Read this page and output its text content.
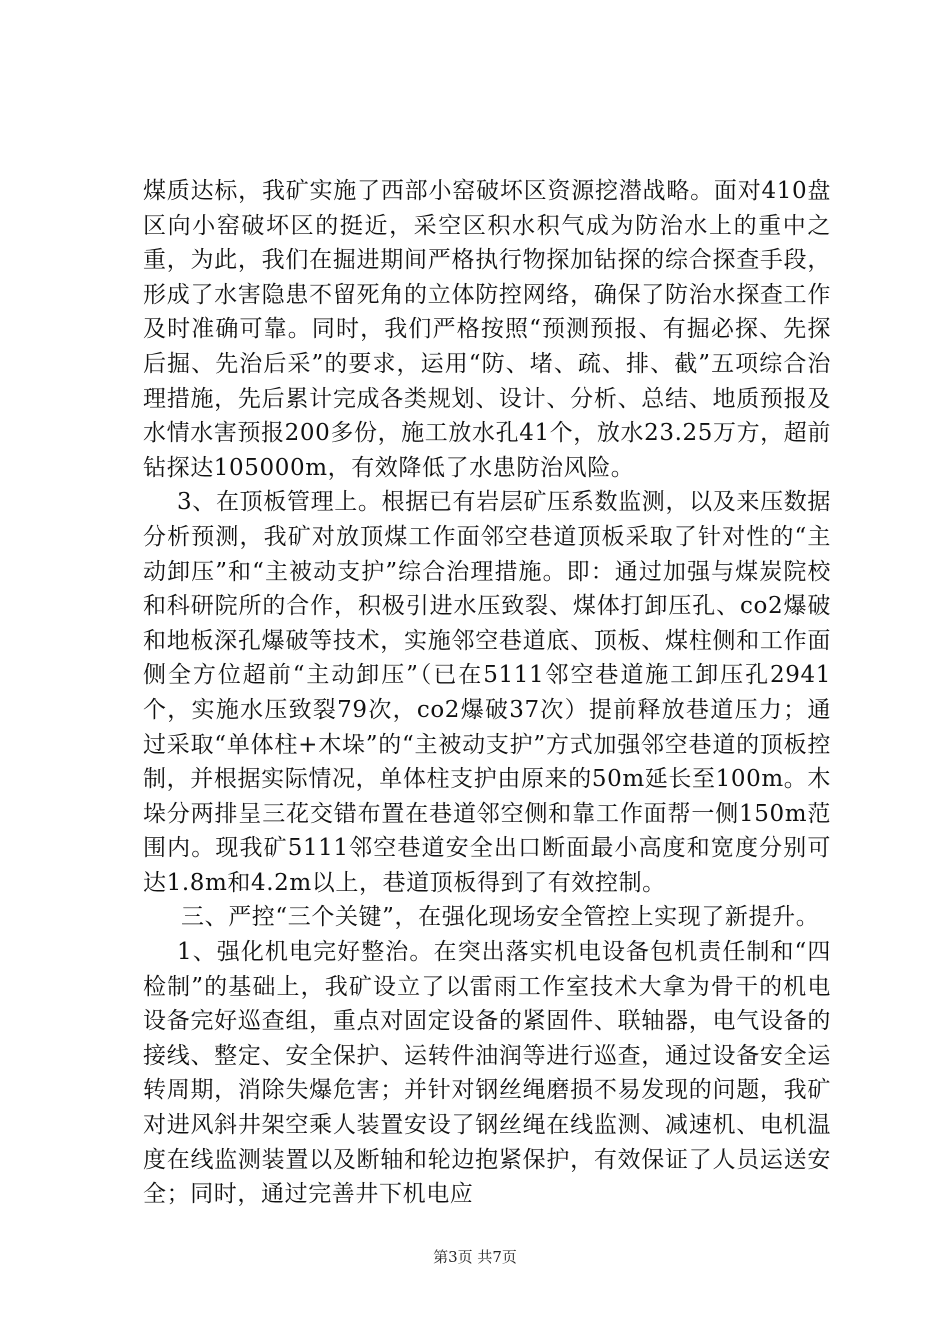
煤质达标，我矿实施了西部小窑破坏区资源挖潜战略。面对410盘区向小窑破坏区的挺近，采空区积水积气成为防治水上的重中之重，为此，我们在掘进期间严格执行物探加钻探的综合探查手段，形成了水害隐患不留死角的立体防控网络，确保了防治水探查工作及时准确可靠。同时，我们严格按照“预测预报、有掘必探、先探后掘、先治后采”的要求，运用“防、堵、疏、排、截”五项综合治理措施，先后累计完成各类规划、设计、分析、总结、地质预报及水情水害预报200多份，施工放水孔41个，放水23.25万方，超前钻探达105000m，有效降低了水患防治风险。

3、在顶板管理上。根据已有岩层矿压系数监测，以及来压数据分析预测，我矿对放顶煤工作面邻空巷道顶板采取了针对性的“主动卸压”和“主被动支护”综合治理措施。即：通过加强与煤炭院校和科研院所的合作，积极引进水压致裂、煤体打卸压孔、co2爆破和地板深孔爆破等技术，实施邻空巷道底、顶板、煤柱侧和工作面侧全方位超前“主动卸压”（已在5111邻空巷道施工卸压孔2941个，实施水压致裂79次，co2爆破37次）提前释放巷道压力；通过采取“单体柱+木垛”的“主被动支护”方式加强邻空巷道的顶板控制，并根据实际情况，单体柱支护由原来的50m延长至100m。木垛分两排呈三花交错布置在巷道邻空侧和靠工作面帮一侧150m范围内。现我矿5111邻空巷道安全出口断面最小高度和宽度分别可达1.8m和4.2m以上，巷道顶板得到了有效控制。

三、严控“三个关键”，在强化现场安全管控上实现了新提升。

1、强化机电完好整治。在突出落实机电设备包机责任制和“四检制”的基础上，我矿设立了以雷雨工作室技术大拿为骨干的机电设备完好巡查组，重点对固定设备的紧固件、联轴器，电气设备的接线、整定、安全保护、运转件油润等进行巡查，通过设备安全运转周期，消除失爆危害；并针对钢丝绳磨损不易发现的问题，我矿对进风斜井架空乘人装置安设了钢丝绳在线监测、减速机、电机温度在线监测装置以及断轴和轮边抱紧保护，有效保证了人员运送安全；同时，通过完善井下机电应

第3页 共7页
